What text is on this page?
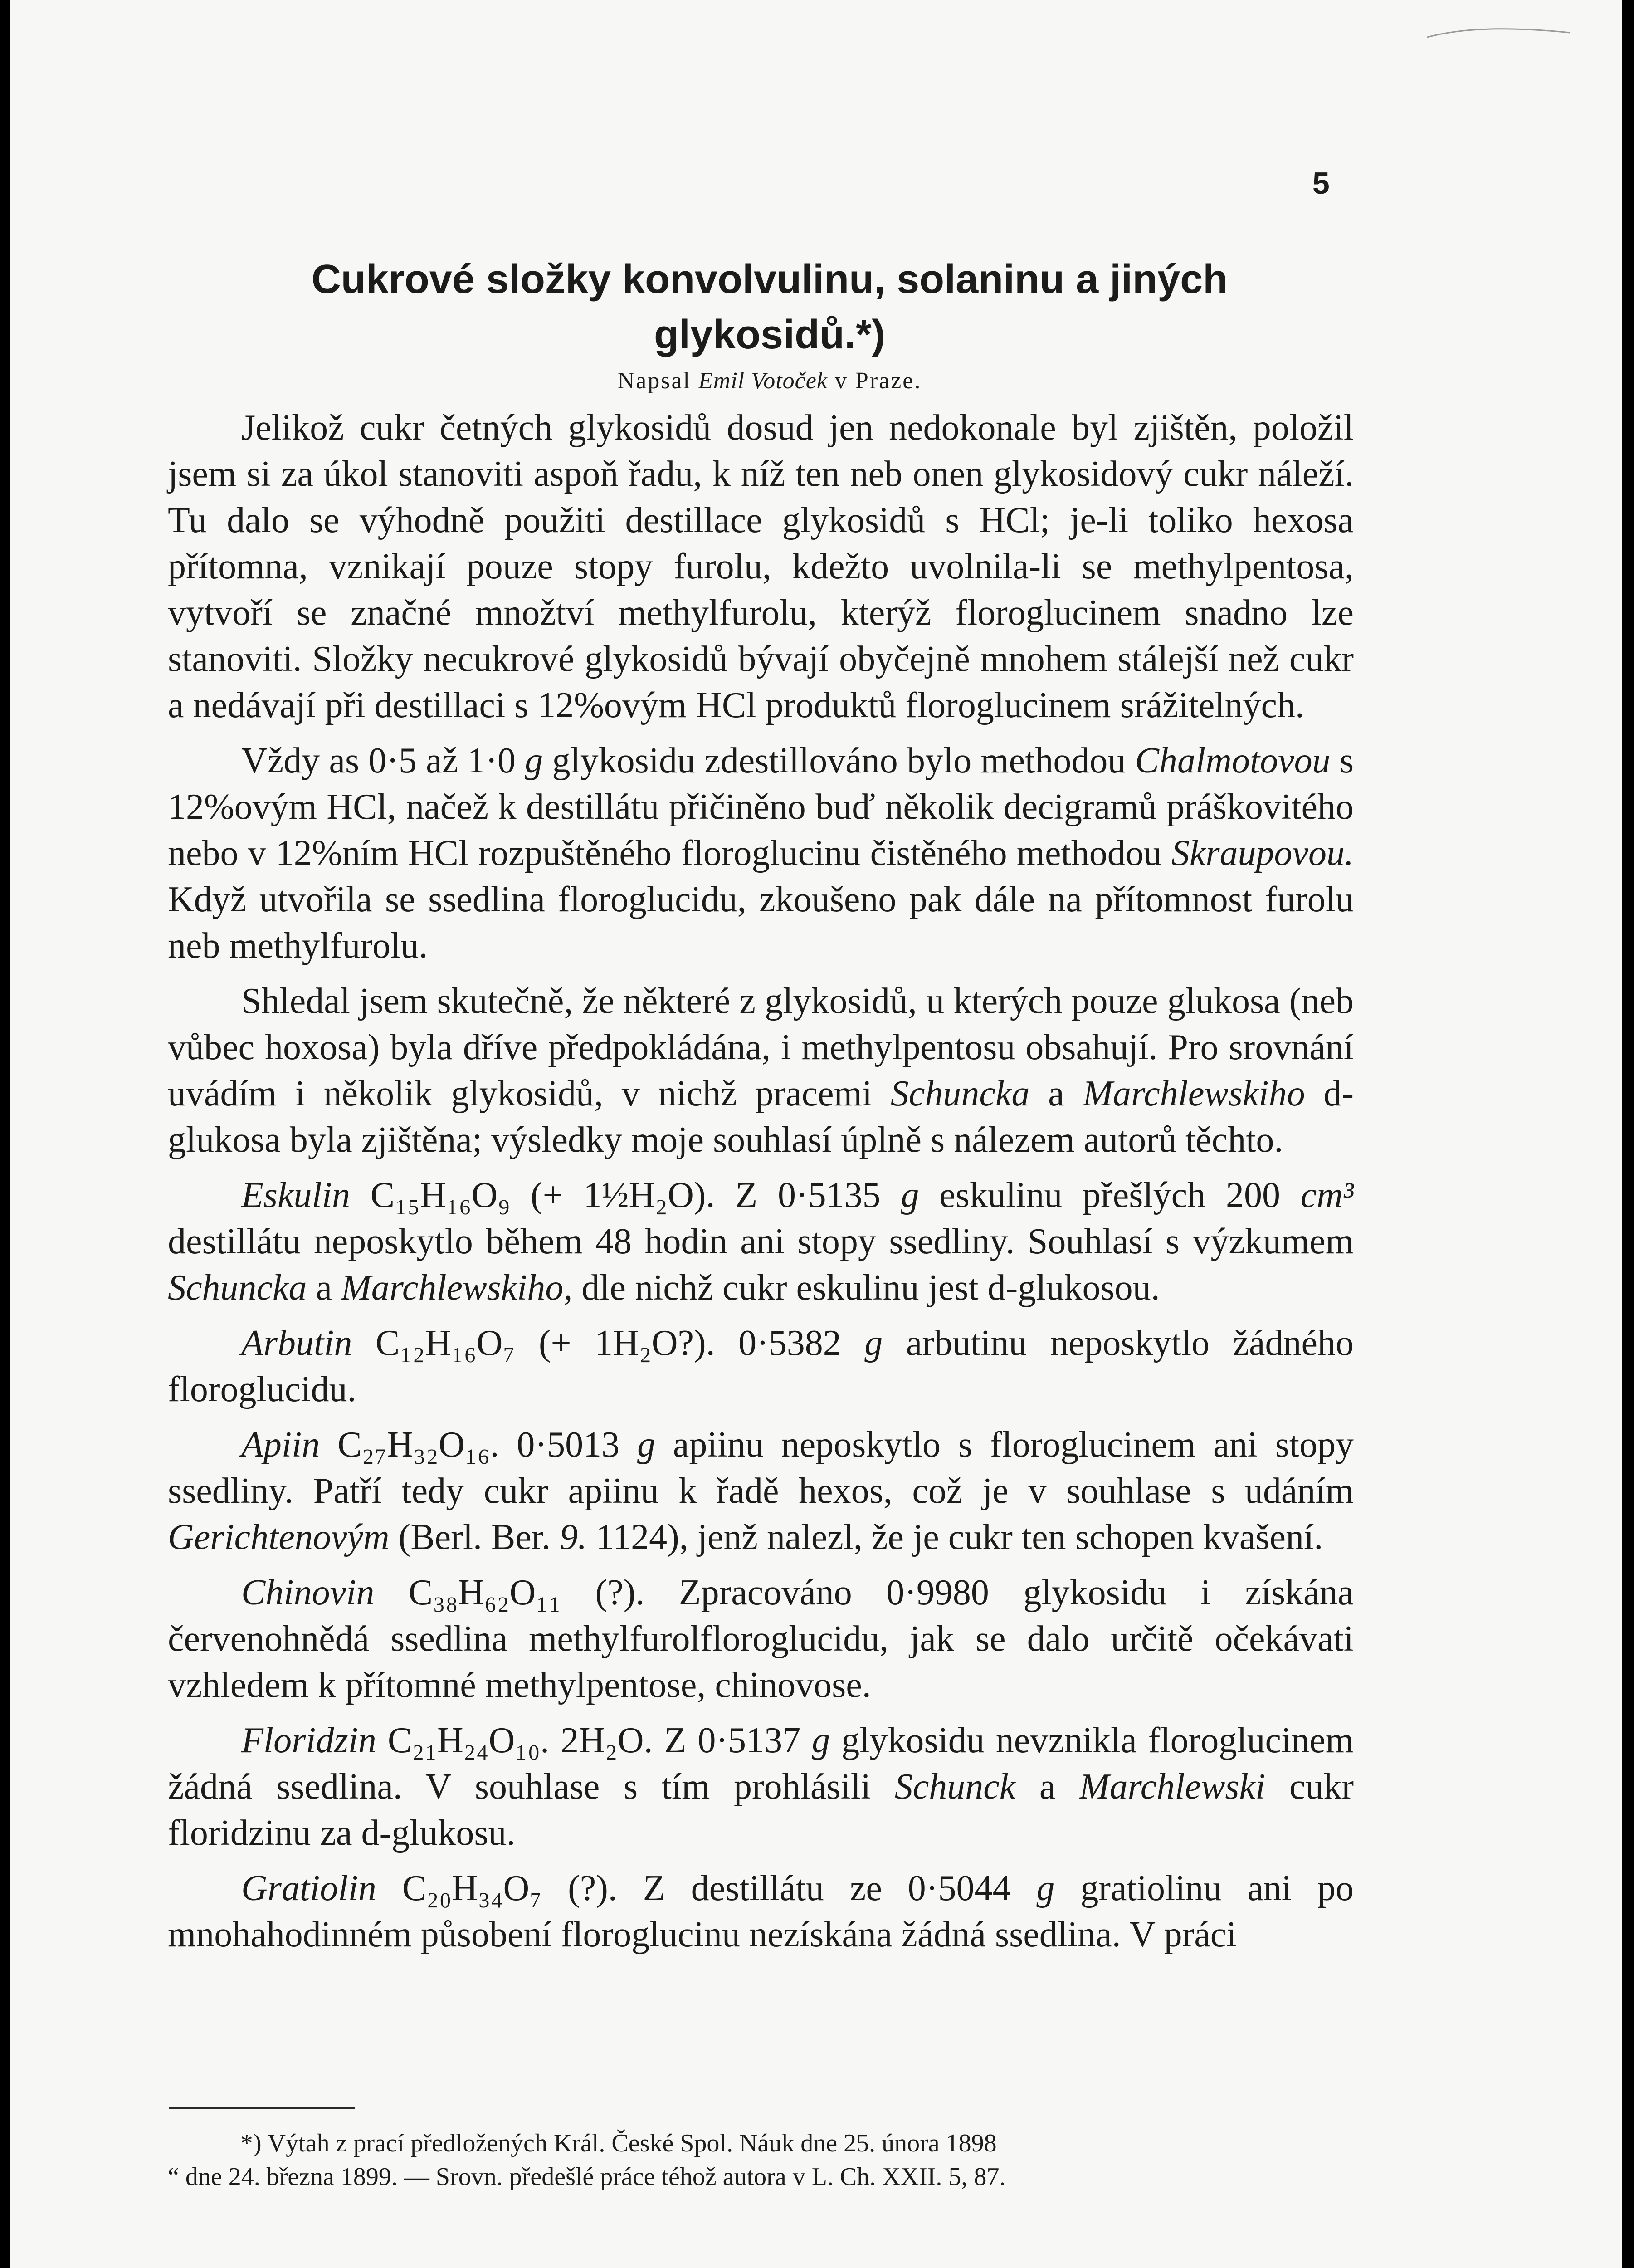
5
Cukrové složky konvolvulinu, solaninu a jiných
glykosidů.*)
Napsal Emil Votoček v Praze.

Jelikož cukr četných glykosidů dosud jen nedokonale byl zjištěn, položil jsem si za úkol stanoviti aspoň řadu, k níž ten neb onen glykosidový cukr náleží. Tu dalo se výhodně použiti destillace glykosidů s HCl; je-li toliko hexosa přítomna, vznikají pouze stopy furolu, kdežto uvolnila-li se methylpentosa, vytvoří se značné množtví methylfurolu, kterýž floroglucinem snadno lze stanoviti. Složky necukrové glykosidů bývají obyčejně mnohem stálejší než cukr a nedávají při destillaci s 12%ovým HCl produktů floroglucinem srážitelných.

Vždy as 0·5 až 1·0 g glykosidu zdestillováno bylo methodou Chalmotovou s 12%ovým HCl, načež k destillátu přičiněno buď několik decigramů práškovitého nebo v 12%ním HCl rozpuštěného floroglucinu čistěného methodou Skraupovou. Když utvořila se ssedlina floroglucidu, zkoušeno pak dále na přítomnost furolu neb methylfurolu.

Shledal jsem skutečně, že některé z glykosidů, u kterých pouze glukosa (neb vůbec hoxosa) byla dříve předpokládána, i methylpentosu obsahují. Pro srovnání uvádím i několik glykosidů, v nichž pracemi Schuncka a Marchlewskiho d-glukosa byla zjištěna; výsledky moje souhlasí úplně s nálezem autorů těchto.

Eskulin C₁₅H₁₆O₉ (+ 1½H₂O). Z 0·5135 g eskulinu přešlých 200 cm³ destillátu neposkytlo během 48 hodin ani stopy ssedliny. Souhlasí s výzkumem Schuncka a Marchlewskiho, dle nichž cukr eskulinu jest d-glukosou.

Arbutin C₁₂H₁₆O₇ (+ 1H₂O?). 0·5382 g arbutinu neposkytlo žádného floroglucidu.

Apiin C₂₇H₃₂O₁₆. 0·5013 g apiinu neposkytlo s floroglucinem ani stopy ssedliny. Patří tedy cukr apiinu k řadě hexos, což je v souhlase s udáním Gerichtenovým (Berl. Ber. 9. 1124), jenž nalezl, že je cukr ten schopen kvašení.

Chinovin C₃₈H₆₂O₁₁ (?). Zpracováno 0·9980 glykosidu i získána červenohnědá ssedlina methylfurolfloroglucidu, jak se dalo určitě očekávati vzhledem k přítomné methylpentose, chinovose.

Floridzin C₂₁H₂₄O₁₀. 2H₂O. Z 0·5137 g glykosidu nevznikla floroglucinem žádná ssedlina. V souhlase s tím prohlásili Schunck a Marchlewski cukr floridzinu za d-glukosu.

Gratiolin C₂₀H₃₄O₇ (?). Z destillátu ze 0·5044 g gratiolinu ani po mnohahodinném působení floroglucinu nezískána žádná ssedlina. V práci

*) Výtah z prací předložených Král. České Spol. Náuk dne 25. února 1898
“ dne 24. března 1899. — Srovn. předešlé práce téhož autora v L. Ch. XXII. 5, 87.
